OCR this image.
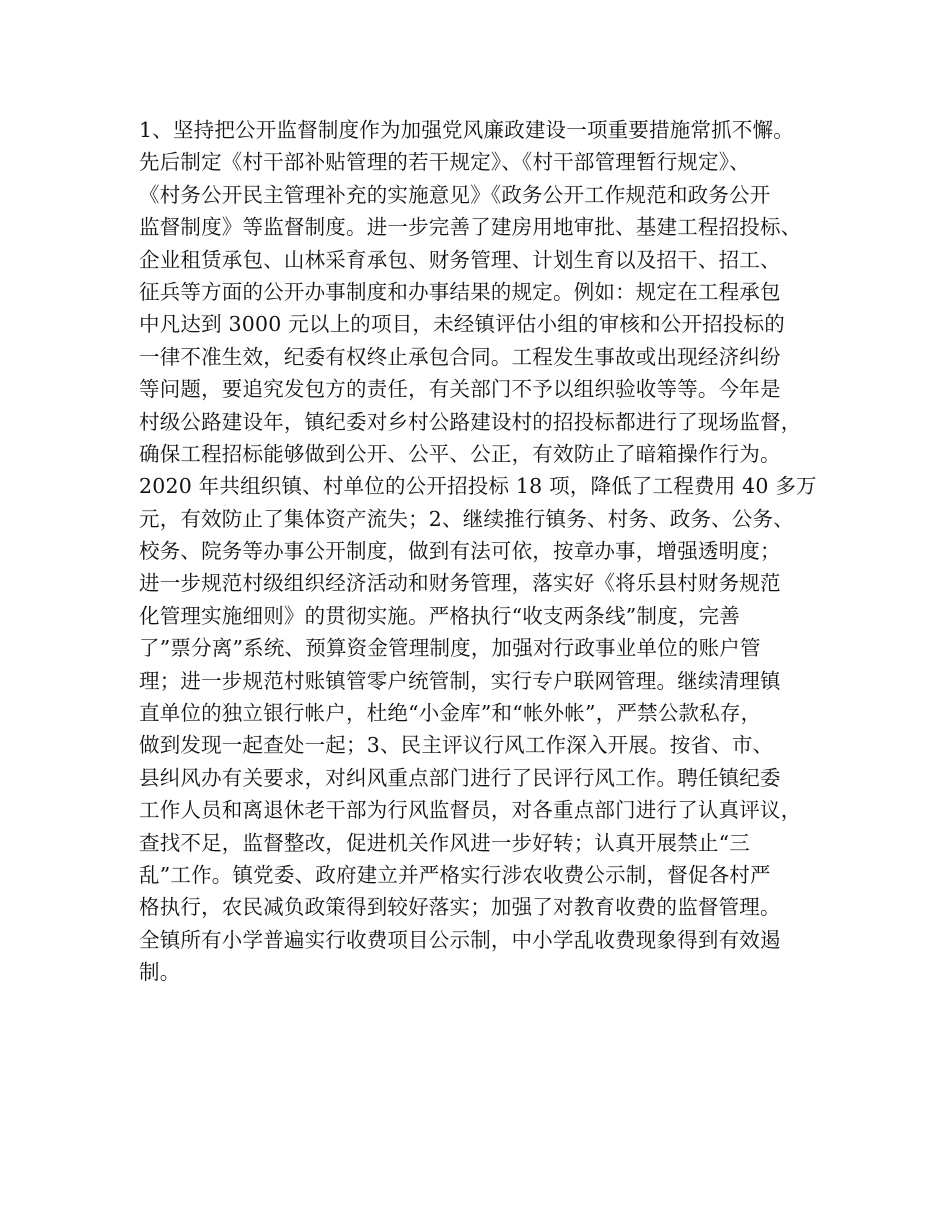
1、坚持把公开监督制度作为加强党风廉政建设一项重要措施常抓不懈。
先后制定《村干部补贴管理的若干规定》、《村干部管理暂行规定》、
《村务公开民主管理补充的实施意见》《政务公开工作规范和政务公开
监督制度》等监督制度。进一步完善了建房用地审批、基建工程招投标、
企业租赁承包、山林采育承包、财务管理、计划生育以及招干、招工、
征兵等方面的公开办事制度和办事结果的规定。例如：规定在工程承包
中凡达到 3000 元以上的项目，未经镇评估小组的审核和公开招投标的
一律不准生效，纪委有权终止承包合同。工程发生事故或出现经济纠纷
等问题，要追究发包方的责任，有关部门不予以组织验收等等。今年是
村级公路建设年，镇纪委对乡村公路建设村的招投标都进行了现场监督，
确保工程招标能够做到公开、公平、公正，有效防止了暗箱操作行为。
2020 年共组织镇、村单位的公开招投标 18 项，降低了工程费用 40 多万
元，有效防止了集体资产流失；2、继续推行镇务、村务、政务、公务、
校务、院务等办事公开制度，做到有法可依，按章办事，增强透明度；
进一步规范村级组织经济活动和财务管理，落实好《将乐县村财务规范
化管理实施细则》的贯彻实施。严格执行“收支两条线”制度，完善
了”票分离”系统、预算资金管理制度，加强对行政事业单位的账户管
理；进一步规范村账镇管零户统管制，实行专户联网管理。继续清理镇
直单位的独立银行帐户，杜绝“小金库”和“帐外帐”，严禁公款私存，
做到发现一起查处一起；3、民主评议行风工作深入开展。按省、市、
县纠风办有关要求，对纠风重点部门进行了民评行风工作。聘任镇纪委
工作人员和离退休老干部为行风监督员，对各重点部门进行了认真评议，
查找不足，监督整改，促进机关作风进一步好转；认真开展禁止“三
乱”工作。镇党委、政府建立并严格实行涉农收费公示制，督促各村严
格执行，农民减负政策得到较好落实；加强了对教育收费的监督管理。
全镇所有小学普遍实行收费项目公示制，中小学乱收费现象得到有效遏
制。
